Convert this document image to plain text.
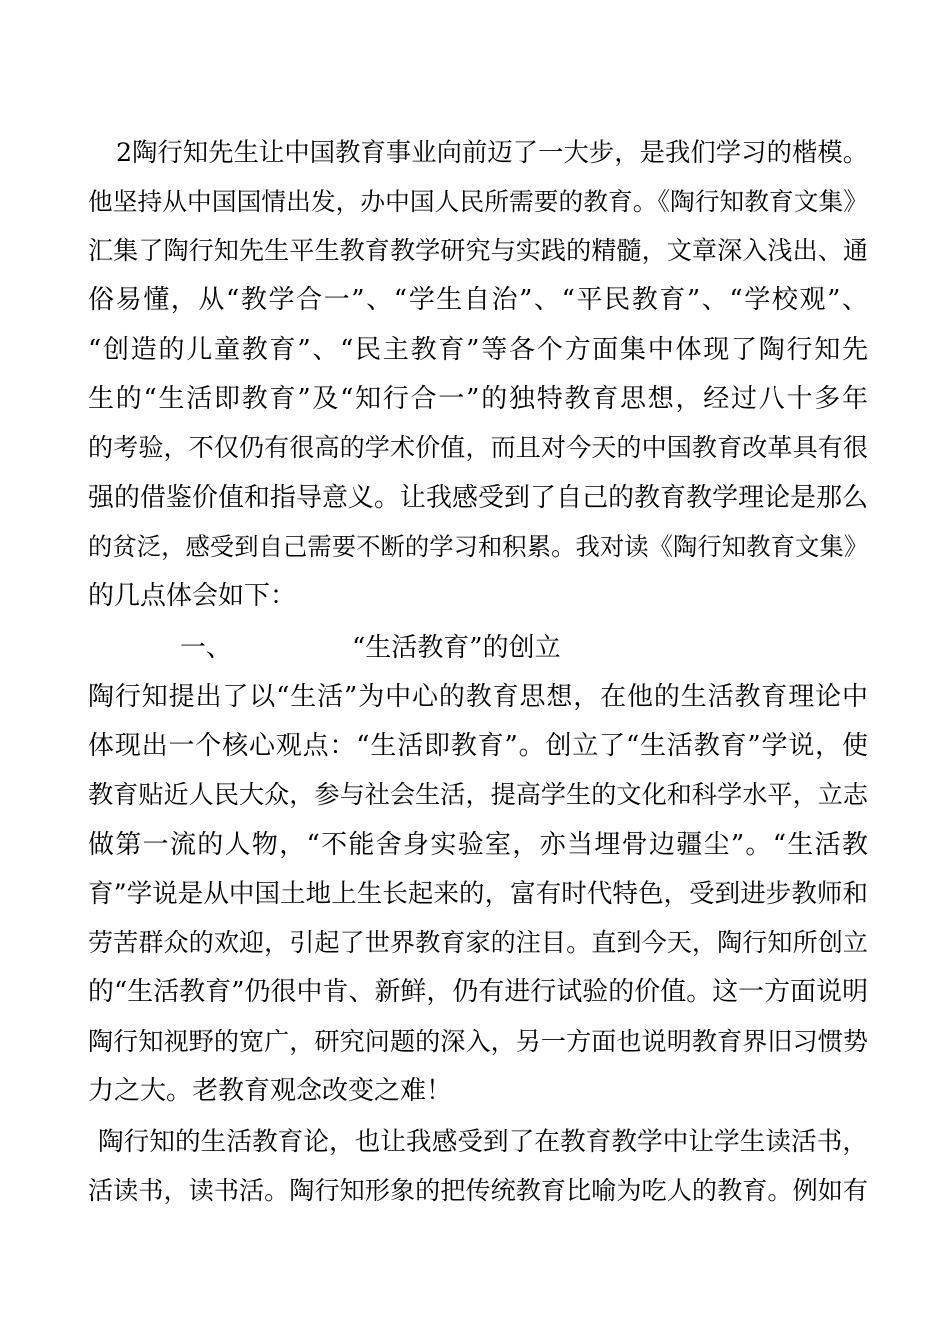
2陶行知先生让中国教育事业向前迈了一大步，是我们学习的楷模。
他坚持从中国国情出发，办中国人民所需要的教育。《陶行知教育文集》
汇集了陶行知先生平生教育教学研究与实践的精髓，文章深入浅出、通
俗易懂，从“教学合一”、“学生自治”、“平民教育”、“学校观”、
“创造的儿童教育”、“民主教育”等各个方面集中体现了陶行知先
生的“生活即教育”及“知行合一”的独特教育思想，经过八十多年
的考验，不仅仍有很高的学术价值，而且对今天的中国教育改革具有很
强的借鉴价值和指导意义。让我感受到了自己的教育教学理论是那么
的贫泛，感受到自己需要不断的学习和积累。我对读《陶行知教育文集》
的几点体会如下：
一、	“生活教育”的创立
陶行知提出了以“生活”为中心的教育思想，在他的生活教育理论中
体现出一个核心观点：“生活即教育”。创立了“生活教育”学说，使
教育贴近人民大众，参与社会生活，提高学生的文化和科学水平，立志
做第一流的人物，“不能舍身实验室，亦当埋骨边疆尘”。“生活教
育”学说是从中国土地上生长起来的，富有时代特色，受到进步教师和
劳苦群众的欢迎，引起了世界教育家的注目。直到今天，陶行知所创立
的“生活教育”仍很中肯、新鲜，仍有进行试验的价值。这一方面说明
陶行知视野的宽广，研究问题的深入，另一方面也说明教育界旧习惯势
力之大。老教育观念改变之难！
陶行知的生活教育论，也让我感受到了在教育教学中让学生读活书，
活读书，读书活。陶行知形象的把传统教育比喻为吃人的教育。例如有
